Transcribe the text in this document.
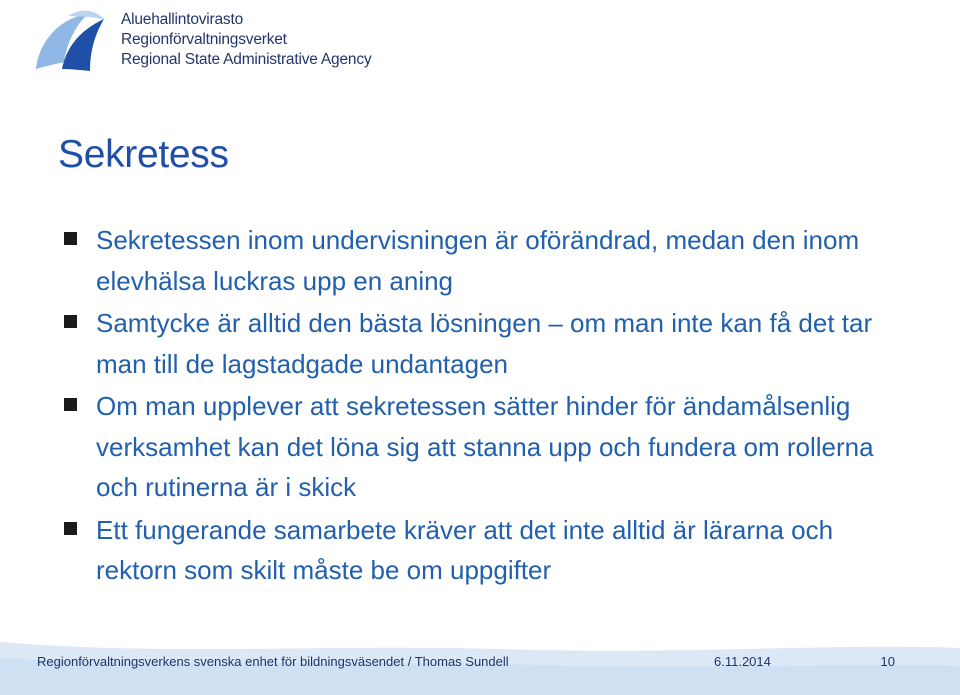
Aluehallintovirasto
Regionförvaltningsverket
Regional State Administrative Agency
Sekretess
Sekretessen inom undervisningen är oförändrad, medan den inom elevhälsa luckras upp en aning
Samtycke är alltid den bästa lösningen – om man inte kan få det tar man till de lagstadgade undantagen
Om man upplever att sekretessen sätter hinder för ändamålsenlig verksamhet kan det löna sig att stanna upp och fundera om rollerna och rutinerna är i skick
Ett fungerande samarbete kräver att det inte alltid är lärarna och rektorn som skilt måste be om uppgifter
Regionförvaltningsverkens svenska enhet för bildningsväsendet / Thomas Sundell	6.11.2014	10
